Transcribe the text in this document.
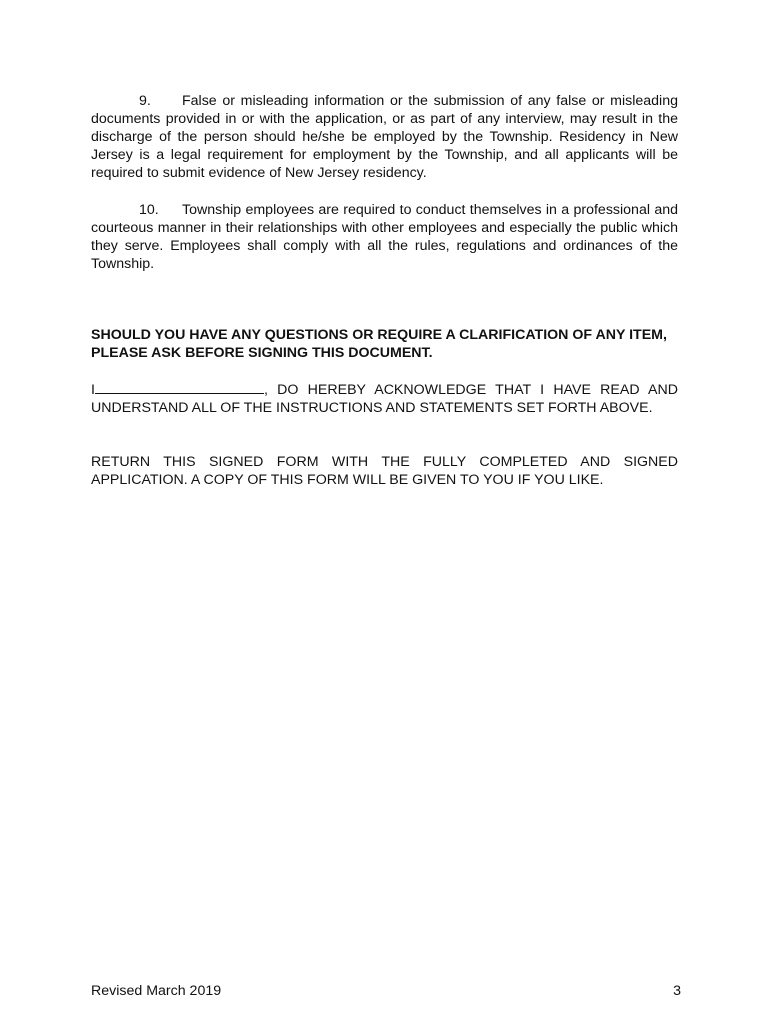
9. False or misleading information or the submission of any false or misleading documents provided in or with the application, or as part of any interview, may result in the discharge of the person should he/she be employed by the Township. Residency in New Jersey is a legal requirement for employment by the Township, and all applicants will be required to submit evidence of New Jersey residency.

10. Township employees are required to conduct themselves in a professional and courteous manner in their relationships with other employees and especially the public which they serve. Employees shall comply with all the rules, regulations and ordinances of the Township.

SHOULD YOU HAVE ANY QUESTIONS OR REQUIRE A CLARIFICATION OF ANY ITEM, PLEASE ASK BEFORE SIGNING THIS DOCUMENT.

I	, DO HEREBY ACKNOWLEDGE THAT I HAVE READ AND UNDERSTAND ALL OF THE INSTRUCTIONS AND STATEMENTS SET FORTH ABOVE.

RETURN THIS SIGNED FORM WITH THE FULLY COMPLETED AND SIGNED APPLICATION. A COPY OF THIS FORM WILL BE GIVEN TO YOU IF YOU LIKE.

Revised March 2019	3
